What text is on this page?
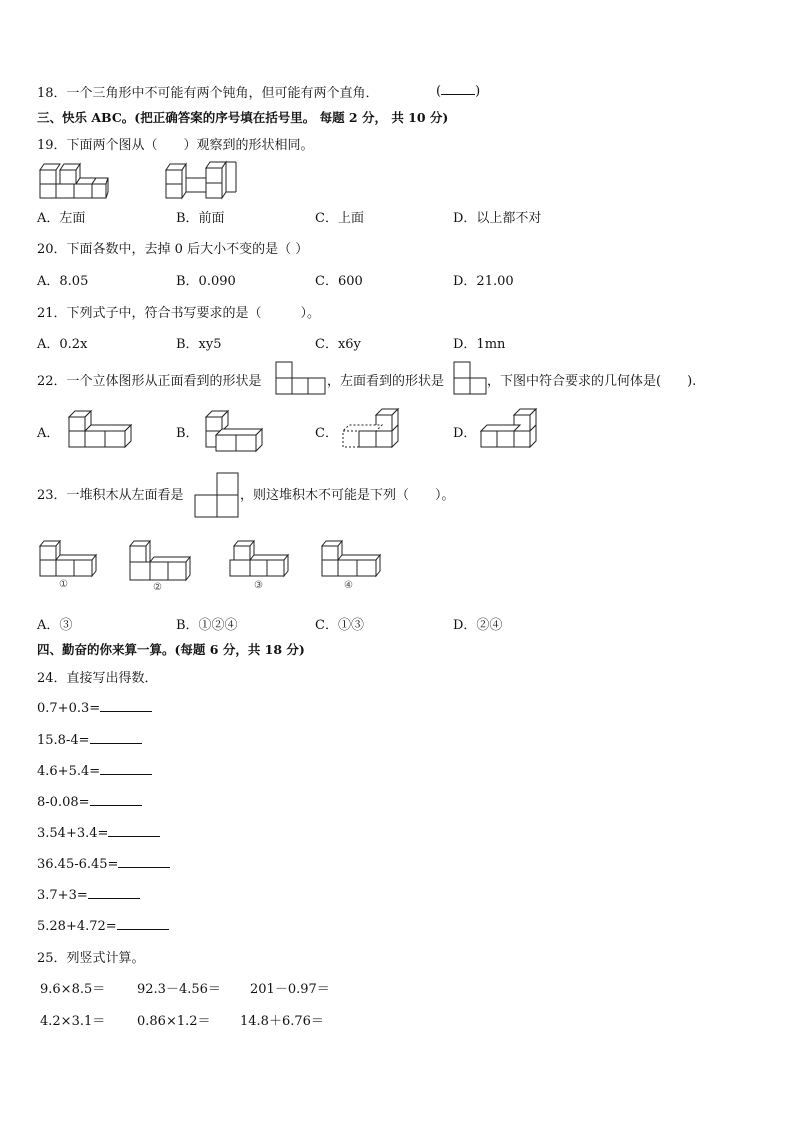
18．一个三角形中不可能有两个钝角，但可能有两个直角．	(	)
三、快乐 ABC。(把正确答案的序号填在括号里。 每题 2 分， 共 10 分)
19．下面两个图从（　　）观察到的形状相同。
A．左面	B．前面	C．上面	D．以上都不对
20．下面各数中，去掉 0 后大小不变的是（ ）
A．8.05	B．0.090	C．600	D．21.00
21．下列式子中，符合书写要求的是（　　　）。
A．0.2x	B．xy5	C．x6y	D．1mn
22．一个立体图形从正面看到的形状是	，左面看到的形状是	，下图中符合要求的几何体是(　　).
A．	B．	C．	D．
23．一堆积木从左面看是	，则这堆积木不可能是下列（　　）。
①	②	③	④
A．③	B．①②④	C．①③	D．②④
四、勤奋的你来算一算。(每题 6 分，共 18 分)
24．直接写出得数．
0.7+0.3=
15.8-4=
4.6+5.4=
8-0.08=
3.54+3.4=
36.45-6.45=
3.7+3=
5.28+4.72=
25．列竖式计算。
9.6×8.5＝ 92.3－4.56＝ 201－0.97＝
4.2×3.1＝ 0.86×1.2＝ 14.8＋6.76＝
